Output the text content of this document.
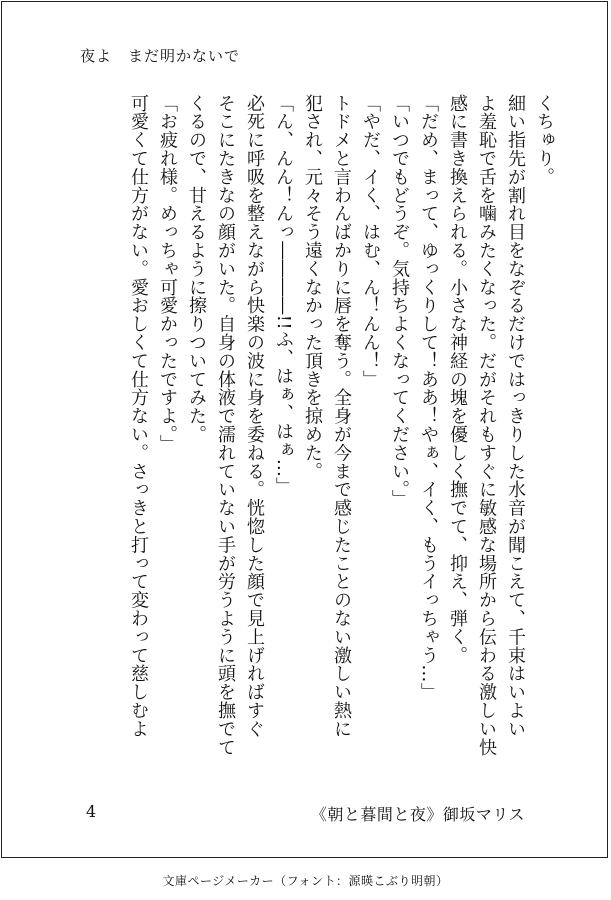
夜よ　まだ明かないで
くちゅり。
細い指先が割れ目をなぞるだけではっきりした水音が聞こえて、千束はいよい
よ羞恥で舌を噛みたくなった。だがそれもすぐに敏感な場所から伝わる激しい快
感に書き換えられる。小さな神経の塊を優しく撫でて、抑え、弾く。
「だめ、まって、ゆっくりして！ああ！やぁ、イく、もうイっちゃう…」
「いつでもどうぞ。気持ちよくなってください。」
「やだ、イく、はむ、ん！んん！」
トドメと言わんばかりに唇を奪う。全身が今まで感じたことのない激しい熱に
犯され、元々そう遠くなかった頂きを掠めた。
「ん、んん！んっ――――!!ふ、はぁ、はぁ…」
必死に呼吸を整えながら快楽の波に身を委ねる。恍惚した顔で見上げればすぐ
そこにたきなの顔がいた。自身の体液で濡れていない手が労うように頭を撫でて
くるので、甘えるように擦りついてみた。
「お疲れ様。めっちゃ可愛かったですよ。」
可愛くて仕方がない。愛おしくて仕方ない。さっきと打って変わって慈しむよ
4	《朝と暮間と夜》御坂マリス
文庫ページメーカー（フォント：源暎こぶり明朝）
